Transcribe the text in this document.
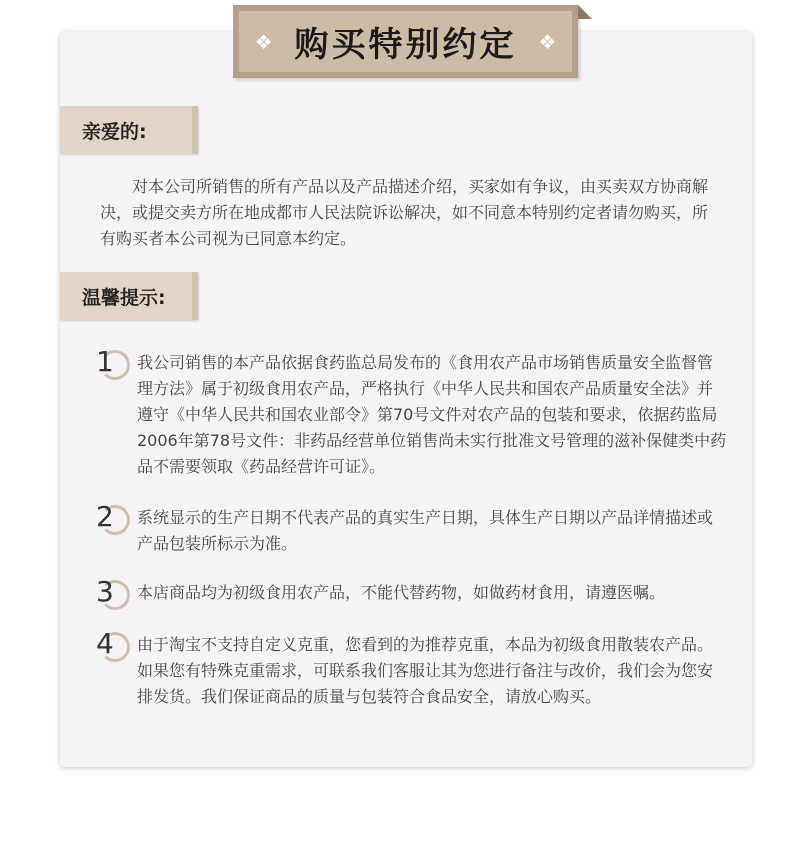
❖ 购买特别约定 ❖
亲爱的:

对本公司所销售的所有产品以及产品描述介绍，买家如有争议，由买卖双方协商解决，或提交卖方所在地成都市人民法院诉讼解决，如不同意本特别约定者请勿购买，所有购买者本公司视为已同意本约定。

温馨提示:
1 我公司销售的本产品依据食药监总局发布的《食用农产品市场销售质量安全监督管理方法》属于初级食用农产品，严格执行《中华人民共和国农产品质量安全法》并遵守《中华人民共和国农业部令》第70号文件对农产品的包装和要求，依据药监局2006年第78号文件：非药品经营单位销售尚未实行批准文号管理的滋补保健类中药品不需要领取《药品经营许可证》。

2 系统显示的生产日期不代表产品的真实生产日期，具体生产日期以产品详情描述或产品包装所标示为准。

3 本店商品均为初级食用农产品，不能代替药物，如做药材食用，请遵医嘱。

4 由于淘宝不支持自定义克重，您看到的为推荐克重，本品为初级食用散装农产品。如果您有特殊克重需求，可联系我们客服让其为您进行备注与改价，我们会为您安排发货。我们保证商品的质量与包装符合食品安全，请放心购买。
